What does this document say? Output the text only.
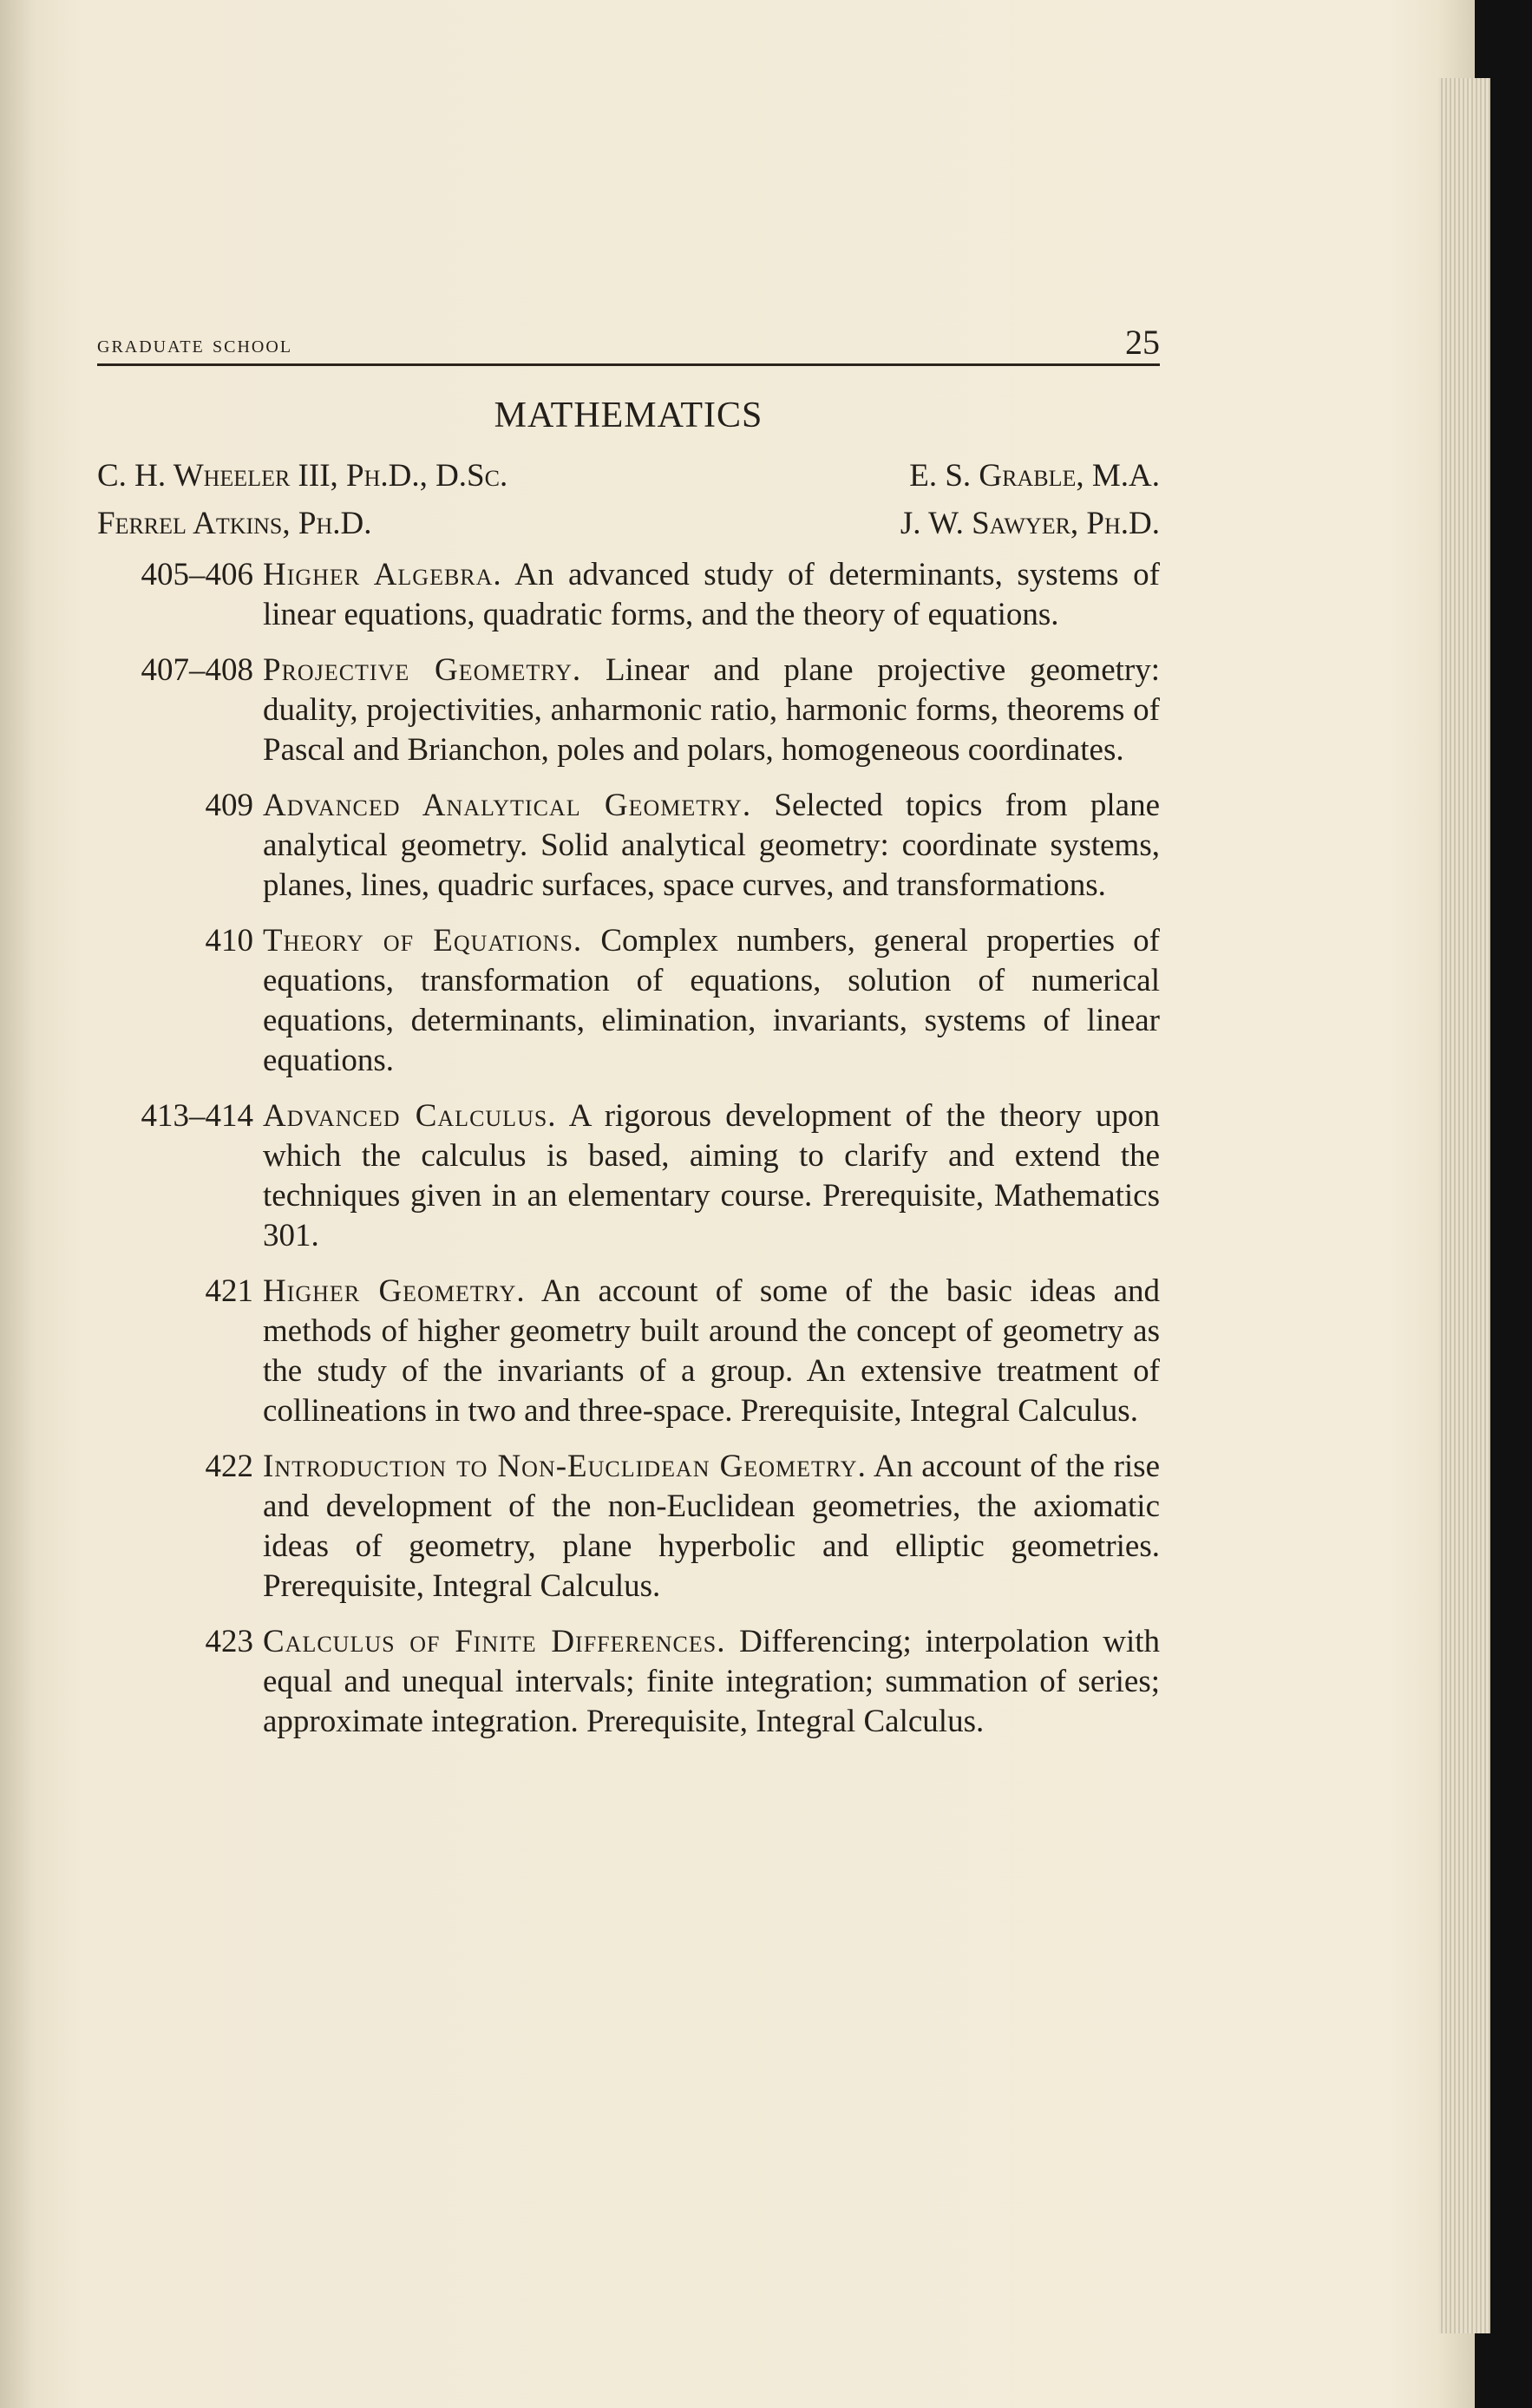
graduate school	25
MATHEMATICS
C. H. Wheeler III, Ph.D., D.Sc.	E. S. Grable, M.A.
Ferrel Atkins, Ph.D.	J. W. Sawyer, Ph.D.
405–406 Higher Algebra. An advanced study of determinants, systems of linear equations, quadratic forms, and the theory of equations.
407–408 Projective Geometry. Linear and plane projective geometry: duality, projectivities, anharmonic ratio, harmonic forms, theorems of Pascal and Brianchon, poles and polars, homogeneous coordinates.
409 Advanced Analytical Geometry. Selected topics from plane analytical geometry. Solid analytical geometry: coordinate systems, planes, lines, quadric surfaces, space curves, and transformations.
410 Theory of Equations. Complex numbers, general properties of equations, transformation of equations, solution of numerical equations, determinants, elimination, invariants, systems of linear equations.
413–414 Advanced Calculus. A rigorous development of the theory upon which the calculus is based, aiming to clarify and extend the techniques given in an elementary course. Prerequisite, Mathematics 301.
421 Higher Geometry. An account of some of the basic ideas and methods of higher geometry built around the concept of geometry as the study of the invariants of a group. An extensive treatment of collineations in two and three-space. Prerequisite, Integral Calculus.
422 Introduction to Non-Euclidean Geometry. An account of the rise and development of the non-Euclidean geometries, the axiomatic ideas of geometry, plane hyperbolic and elliptic geometries. Prerequisite, Integral Calculus.
423 Calculus of Finite Differences. Differencing; interpolation with equal and unequal intervals; finite integration; summation of series; approximate integration. Prerequisite, Integral Calculus.
